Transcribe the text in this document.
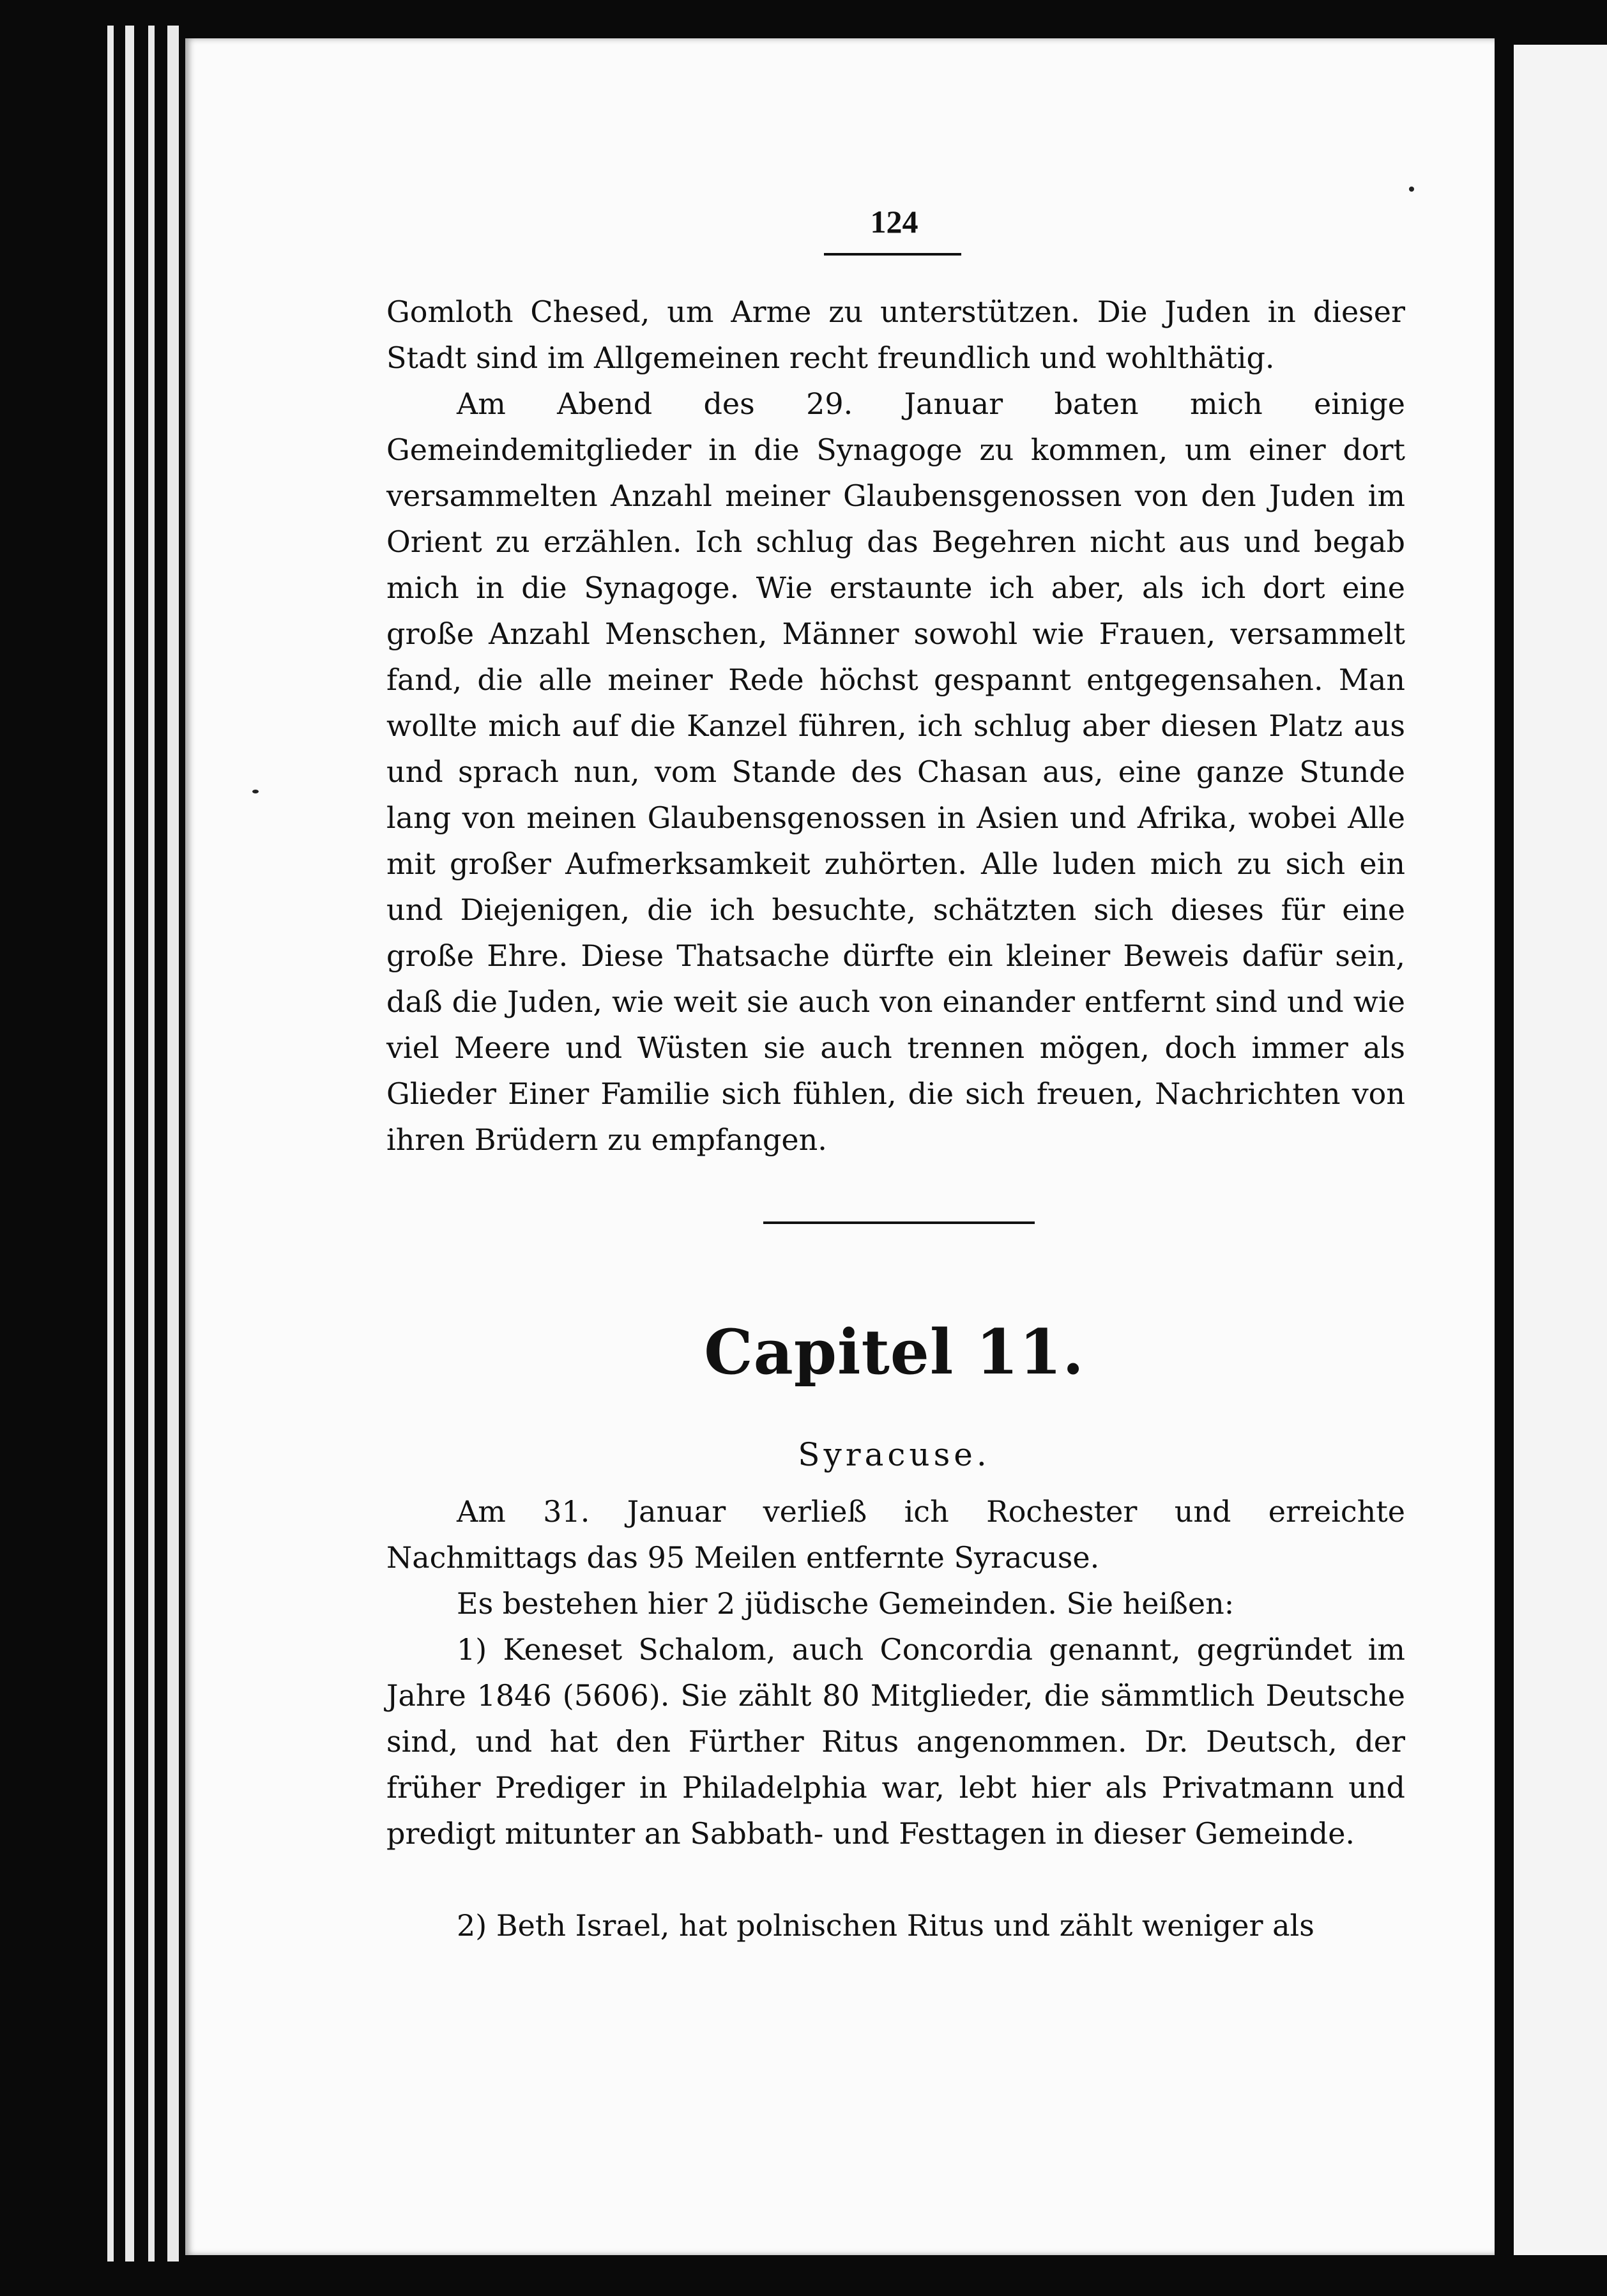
124

Gomloth Chesed, um Arme zu unterstützen. Die Juden in dieser Stadt sind im Allgemeinen recht freundlich und wohlthätig.

Am Abend des 29. Januar baten mich einige Gemeindemitglieder in die Synagoge zu kommen, um einer dort versammelten Anzahl meiner Glaubensgenossen von den Juden im Orient zu erzählen. Ich schlug das Begehren nicht aus und begab mich in die Synagoge. Wie erstaunte ich aber, als ich dort eine große Anzahl Menschen, Männer sowohl wie Frauen, versammelt fand, die alle meiner Rede höchst gespannt entgegensahen. Man wollte mich auf die Kanzel führen, ich schlug aber diesen Platz aus und sprach nun, vom Stande des Chasan aus, eine ganze Stunde lang von meinen Glaubensgenossen in Asien und Afrika, wobei Alle mit großer Aufmerksamkeit zuhörten. Alle luden mich zu sich ein und Diejenigen, die ich besuchte, schätzten sich dieses für eine große Ehre. Diese Thatsache dürfte ein kleiner Beweis dafür sein, daß die Juden, wie weit sie auch von einander entfernt sind und wie viel Meere und Wüsten sie auch trennen mögen, doch immer als Glieder Einer Familie sich fühlen, die sich freuen, Nachrichten von ihren Brüdern zu empfangen.

Capitel 11.
Syracuse.

Am 31. Januar verließ ich Rochester und erreichte Nachmittags das 95 Meilen entfernte Syracuse.

Es bestehen hier 2 jüdische Gemeinden. Sie heißen:

1) Keneset Schalom, auch Concordia genannt, gegründet im Jahre 1846 (5606). Sie zählt 80 Mitglieder, die sämmtlich Deutsche sind, und hat den Fürther Ritus angenommen. Dr. Deutsch, der früher Prediger in Philadelphia war, lebt hier als Privatmann und predigt mitunter an Sabbath- und Festtagen in dieser Gemeinde.

2) Beth Israel, hat polnischen Ritus und zählt weniger als
